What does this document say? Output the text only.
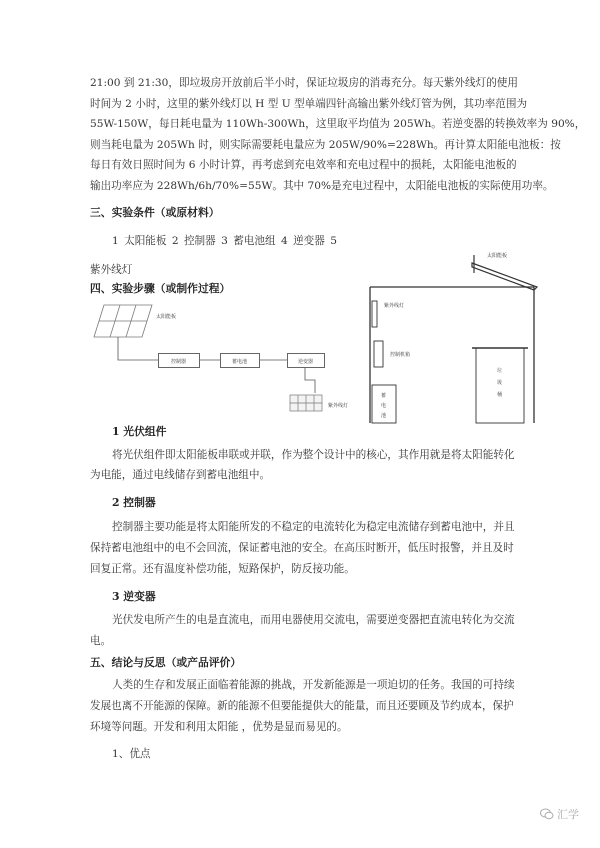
21:00 到 21:30，即垃圾房开放前后半小时，保证垃圾房的消毒充分。每天紫外线灯的使用
时间为 2 小时，这里的紫外线灯以 H 型 U 型单端四针高输出紫外线灯管为例，其功率范围为
55W-150W，每日耗电量为 110Wh-300Wh，这里取平均值为 205Wh。若逆变器的转换效率为 90%，
则当耗电量为 205Wh 时，则实际需要耗电量应为 205W/90%=228Wh。再计算太阳能电池板：按
每日有效日照时间为 6 小时计算，再考虑到充电效率和充电过程中的损耗，太阳能电池板的
输出功率应为 228Wh/6h/70%=55W。其中 70%是充电过程中，太阳能电池板的实际使用功率。
三、实验条件（或原材料）
1 太阳能板 2 控制器 3 蓄电池组 4 逆变器 5
紫外线灯
四、实验步骤（或制作过程）
太阳能板
控制器	蓄电池	逆变器
紫外线灯
太阳能板
紫外线灯
控制机箱
垃
圾
桶
蓄
电
池
1 光伏组件
将光伏组件即太阳能板串联或并联，作为整个设计中的核心，其作用就是将太阳能转化
为电能，通过电线储存到蓄电池组中。
2 控制器
控制器主要功能是将太阳能所发的不稳定的电流转化为稳定电流储存到蓄电池中，并且
保持蓄电池组中的电不会回流，保证蓄电池的安全。在高压时断开，低压时报警，并且及时
回复正常。还有温度补偿功能，短路保护，防反接功能。
3 逆变器
光伏发电所产生的电是直流电，而用电器使用交流电，需要逆变器把直流电转化为交流
电。
五、结论与反思（或产品评价）
人类的生存和发展正面临着能源的挑战，开发新能源是一项迫切的任务。我国的可持续
发展也离不开能源的保障。新的能源不但要能提供大的能量，而且还要顾及节约成本，保护
环境等问题。开发和利用太阳能 ，优势是显而易见的。
1、优点
汇学
